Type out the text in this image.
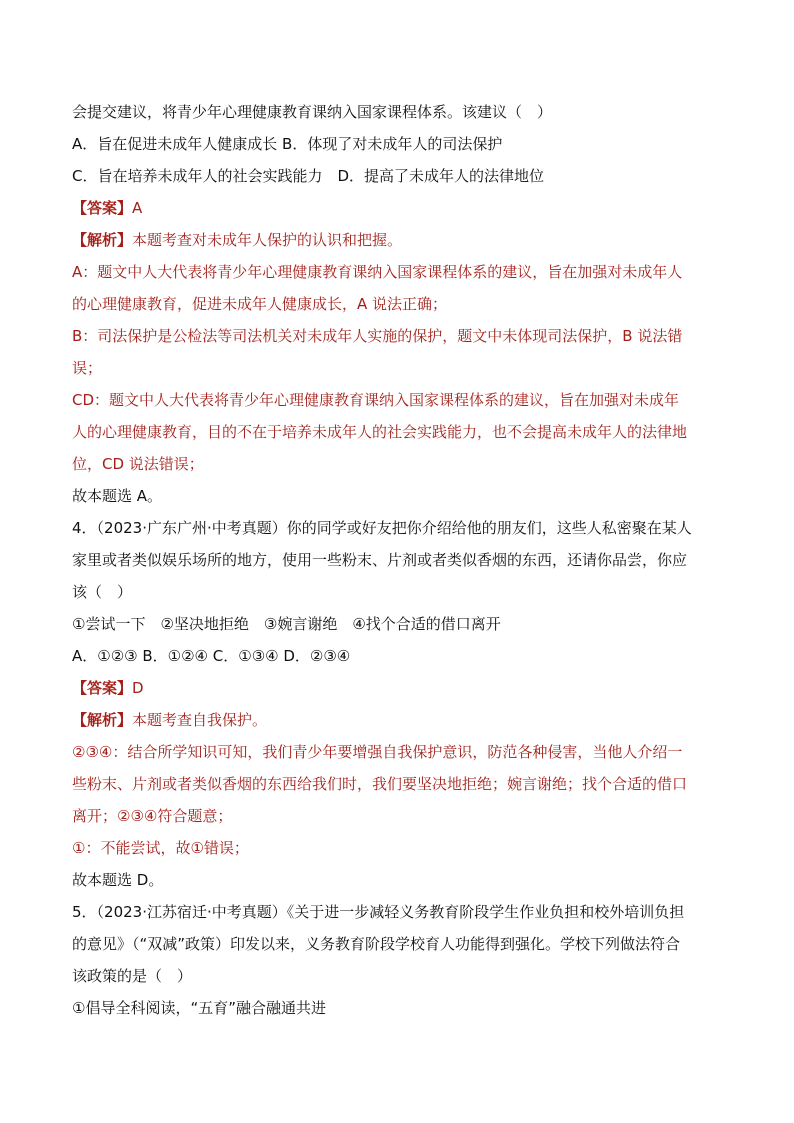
会提交建议，将青少年心理健康教育课纳入国家课程体系。该建议（　）
A．旨在促进未成年人健康成长 B．体现了对未成年人的司法保护
C．旨在培养未成年人的社会实践能力　D．提高了未成年人的法律地位
【答案】A
【解析】本题考查对未成年人保护的认识和把握。
A：题文中人大代表将青少年心理健康教育课纳入国家课程体系的建议，旨在加强对未成年人
的心理健康教育，促进未成年人健康成长，A 说法正确；
B：司法保护是公检法等司法机关对未成年人实施的保护，题文中未体现司法保护，B 说法错
误；
CD：题文中人大代表将青少年心理健康教育课纳入国家课程体系的建议，旨在加强对未成年
人的心理健康教育，目的不在于培养未成年人的社会实践能力，也不会提高未成年人的法律地
位，CD 说法错误；
故本题选 A。
4．（2023·广东广州·中考真题）你的同学或好友把你介绍给他的朋友们，这些人私密聚在某人
家里或者类似娱乐场所的地方，使用一些粉末、片剂或者类似香烟的东西，还请你品尝，你应
该（　）
①尝试一下　②坚决地拒绝　③婉言谢绝　④找个合适的借口离开
A．①②③ B．①②④ C．①③④ D．②③④
【答案】D
【解析】本题考查自我保护。
②③④：结合所学知识可知，我们青少年要增强自我保护意识，防范各种侵害，当他人介绍一
些粉末、片剂或者类似香烟的东西给我们时，我们要坚决地拒绝；婉言谢绝；找个合适的借口
离开；②③④符合题意；
①：不能尝试，故①错误；
故本题选 D。
5．（2023·江苏宿迁·中考真题）《关于进一步减轻义务教育阶段学生作业负担和校外培训负担
的意见》（“双减”政策）印发以来，义务教育阶段学校育人功能得到强化。学校下列做法符合
该政策的是（　）
①倡导全科阅读，“五育”融合融通共进
